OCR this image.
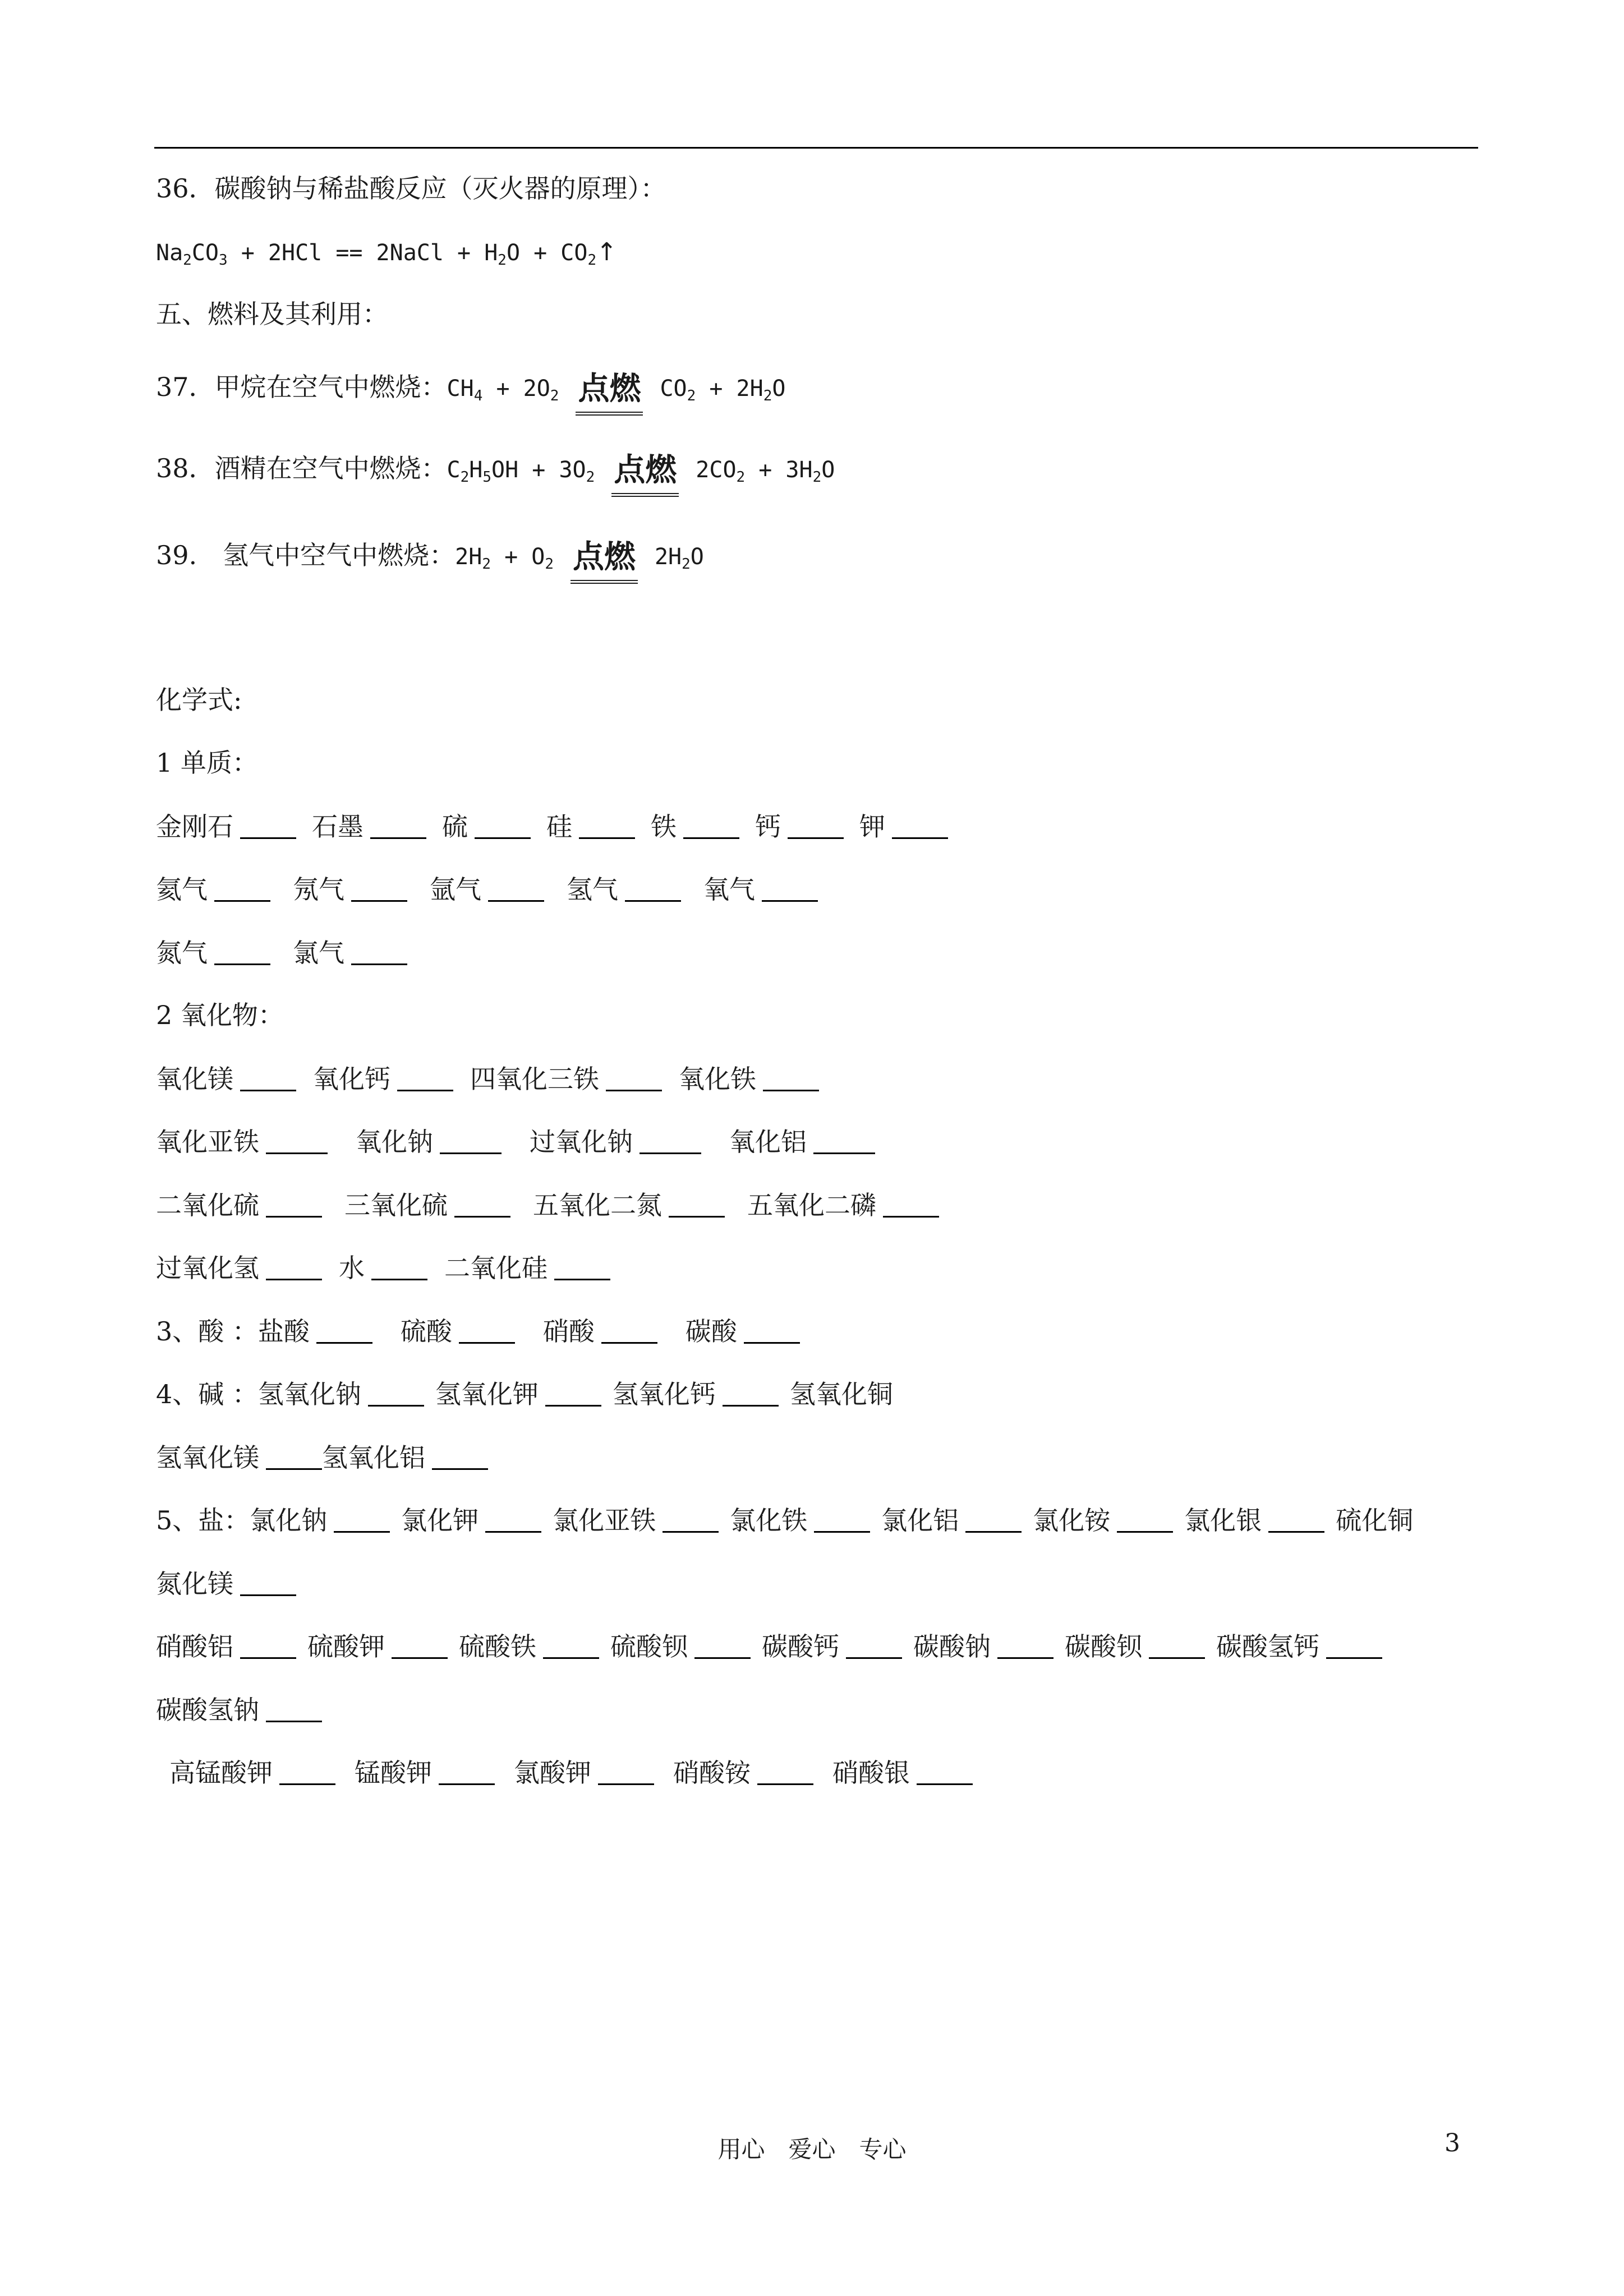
36．碳酸钠与稀盐酸反应（灭火器的原理）：
$Na_2CO_3 + 2HCl$ == 2NaCl + $H_2O$ + $CO_2↑$
五、燃料及其利用：
37．甲烷在空气中燃烧：$CH_4 + 2O_2$ 点燃 $CO_2 + 2H_2O$
38．酒精在空气中燃烧：$C_2H_5OH + 3O_2$ 点燃 $2CO_2 + 3H_2O$
39.　氢气中空气中燃烧：$2H_2 + O_2$ 点燃 $2H_2O$
化学式:
1 单质：
金刚石	石墨	硫	硅	铁	钙	钾
氦气	氖气	氩气	氢气	氧气
氮气	氯气
2 氧化物：
氧化镁	氧化钙	四氧化三铁	氧化铁
氧化亚铁	氧化钠	过氧化钠	氧化铝
二氧化硫	三氧化硫	五氧化二氮	五氧化二磷
过氧化氢	水	二氧化硅
3、酸 ：盐酸	硫酸	硝酸	碳酸
4、碱 ：氢氧化钠	氢氧化钾	氢氧化钙	氢氧化铜
氢氧化镁 氢氧化铝
5、盐：氯化钠	氯化钾	氯化亚铁	氯化铁	氯化铝	氯化铵	氯化银	硫化铜
氮化镁
硝酸铝	硫酸钾	硫酸铁	硫酸钡	碳酸钙	碳酸钠	碳酸钡	碳酸氢钙
碳酸氢钠
高锰酸钾	锰酸钾	氯酸钾	硝酸铵	硝酸银
用心　爱心　专心	3
